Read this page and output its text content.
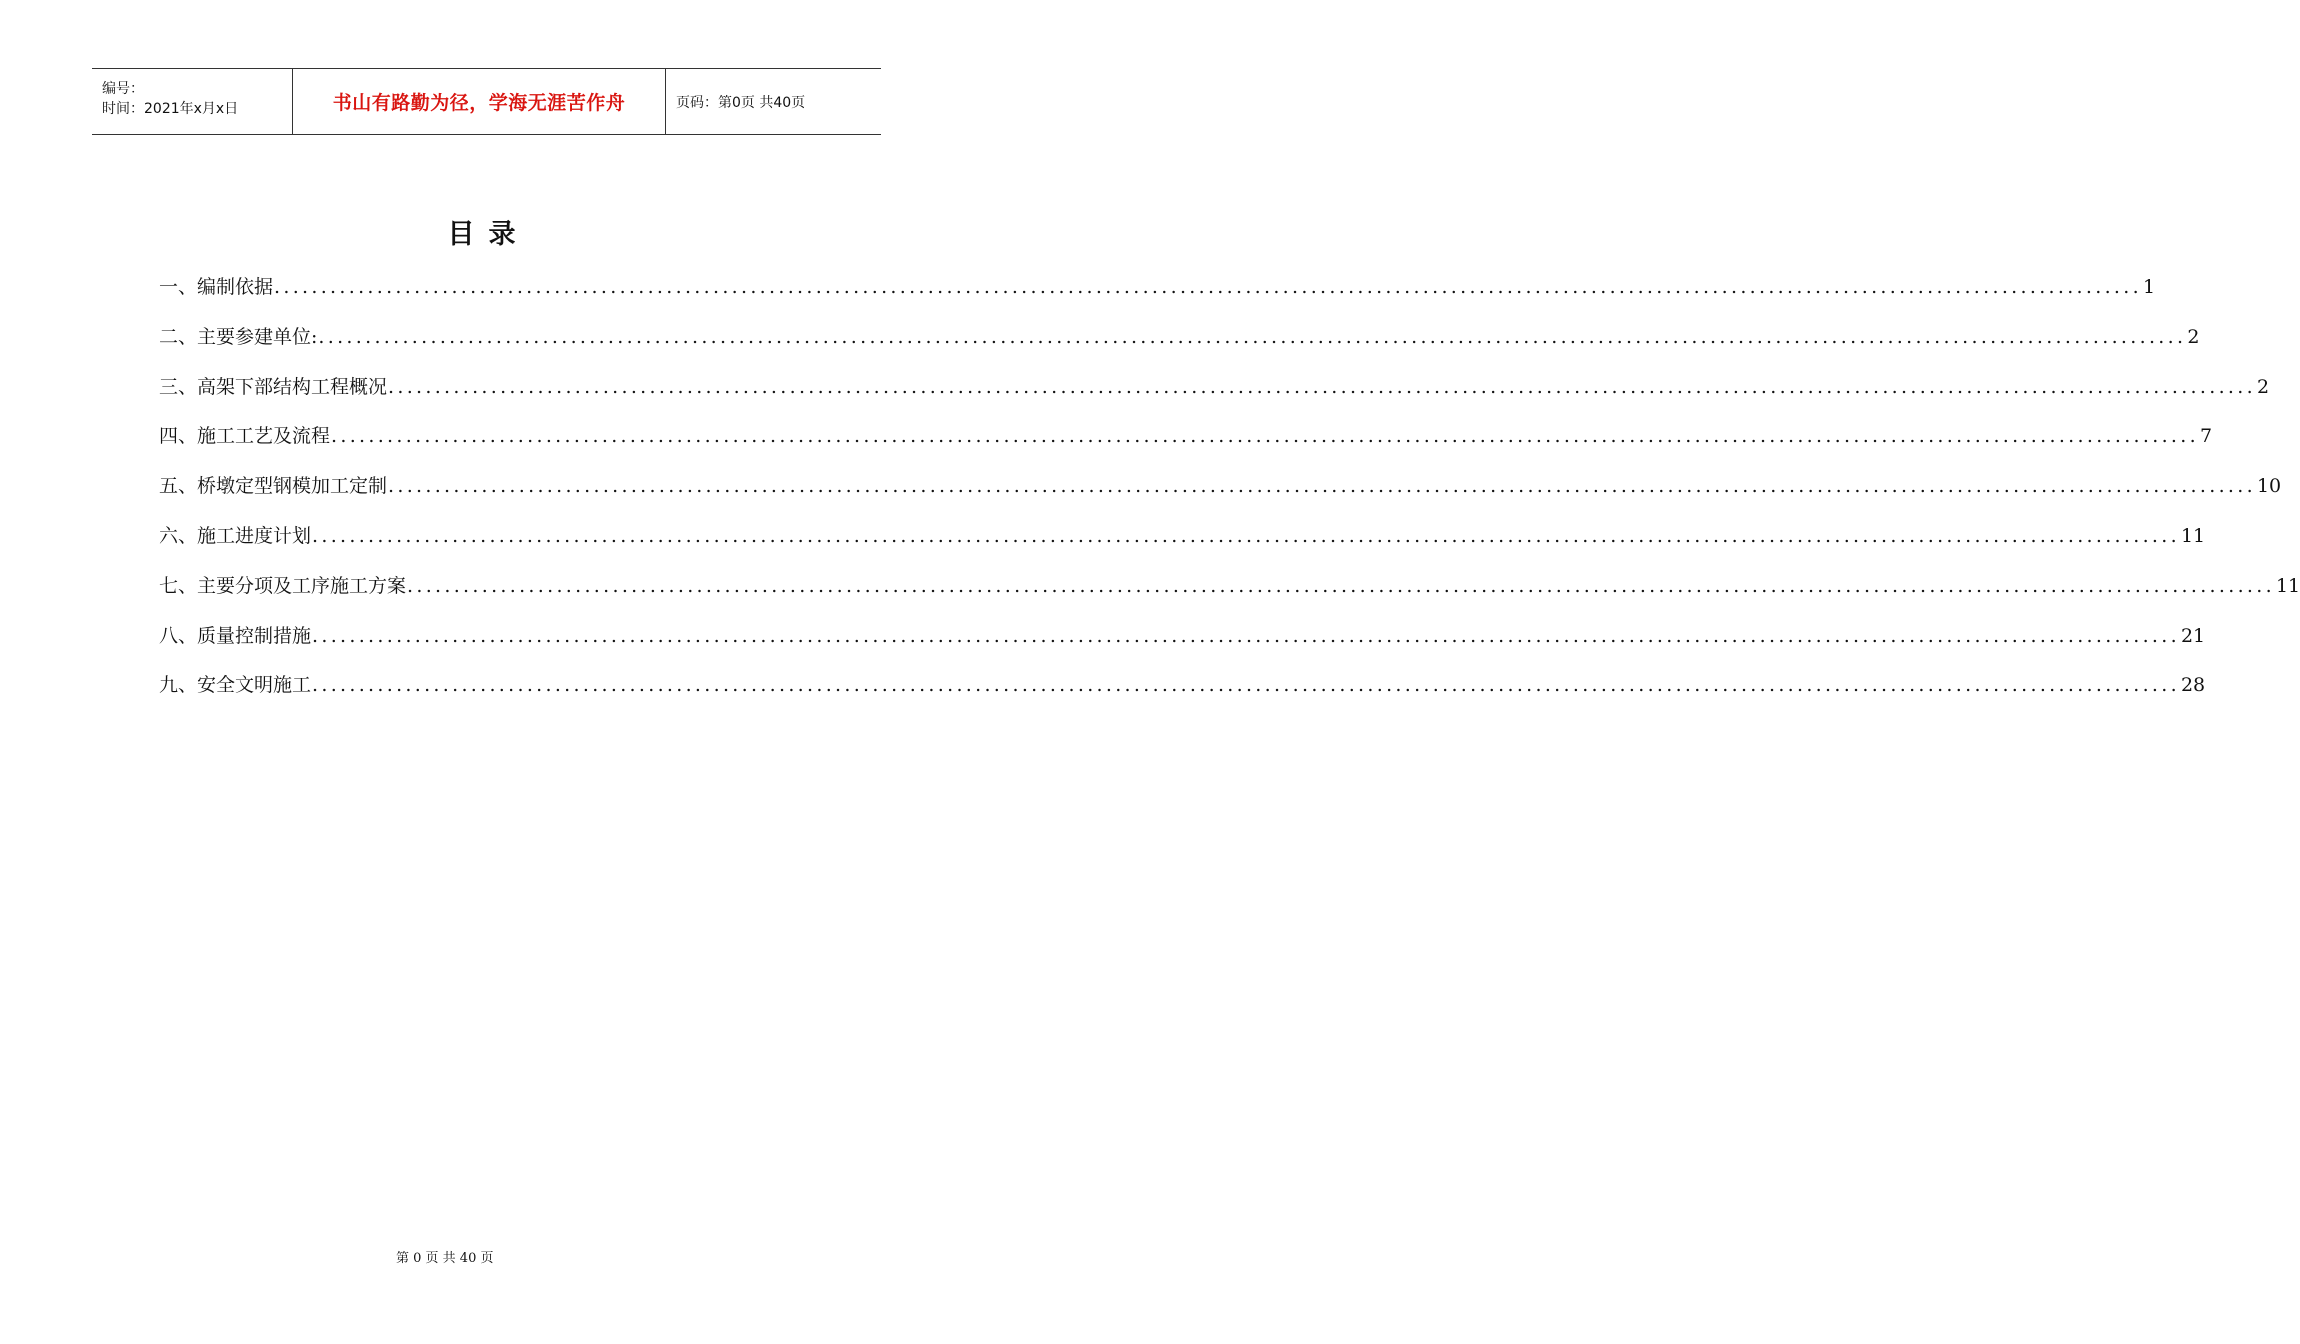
编号：
时间：2021年x月x日	书山有路勤为径，学海无涯苦作舟	页码：第0页 共40页
目录
一、编制依据 ........................................................................................................................................................................................................ 1
二、主要参建单位: ........................................................................................................................................................................................................ 2
三、高架下部结构工程概况 ........................................................................................................................................................................................................ 2
四、施工工艺及流程 ........................................................................................................................................................................................................ 7
五、桥墩定型钢模加工定制 ........................................................................................................................................................................................................ 10
六、施工进度计划 ........................................................................................................................................................................................................ 11
七、主要分项及工序施工方案 ........................................................................................................................................................................................................ 11
八、质量控制措施 ........................................................................................................................................................................................................ 21
九、安全文明施工 ........................................................................................................................................................................................................ 28
第 0 页 共 40 页
